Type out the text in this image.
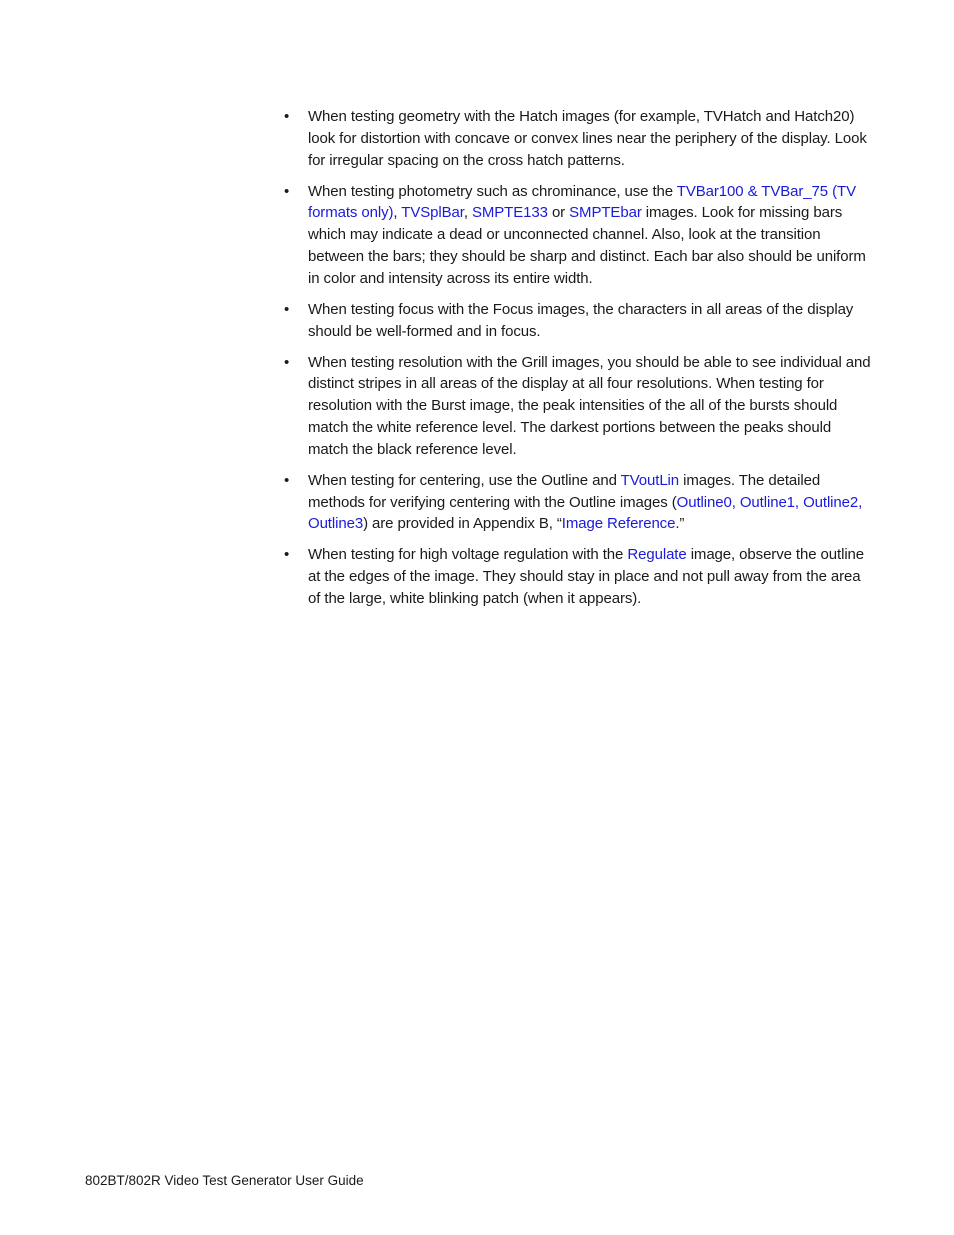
• When testing geometry with the Hatch images (for example, TVHatch and Hatch20) look for distortion with concave or convex lines near the periphery of the display. Look for irregular spacing on the cross hatch patterns.
• When testing photometry such as chrominance, use the TVBar100 & TVBar_75 (TV formats only), TVSplBar, SMPTE133 or SMPTEbar images. Look for missing bars which may indicate a dead or unconnected channel. Also, look at the transition between the bars; they should be sharp and distinct. Each bar also should be uniform in color and intensity across its entire width.
• When testing focus with the Focus images, the characters in all areas of the display should be well-formed and in focus.
• When testing resolution with the Grill images, you should be able to see individual and distinct stripes in all areas of the display at all four resolutions. When testing for resolution with the Burst image, the peak intensities of the all of the bursts should match the white reference level. The darkest portions between the peaks should match the black reference level.
• When testing for centering, use the Outline and TVoutLin images. The detailed methods for verifying centering with the Outline images (Outline0, Outline1, Outline2, Outline3) are provided in Appendix B, “Image Reference.”
• When testing for high voltage regulation with the Regulate image, observe the outline at the edges of the image. They should stay in place and not pull away from the area of the large, white blinking patch (when it appears).
802BT/802R Video Test Generator User Guide
